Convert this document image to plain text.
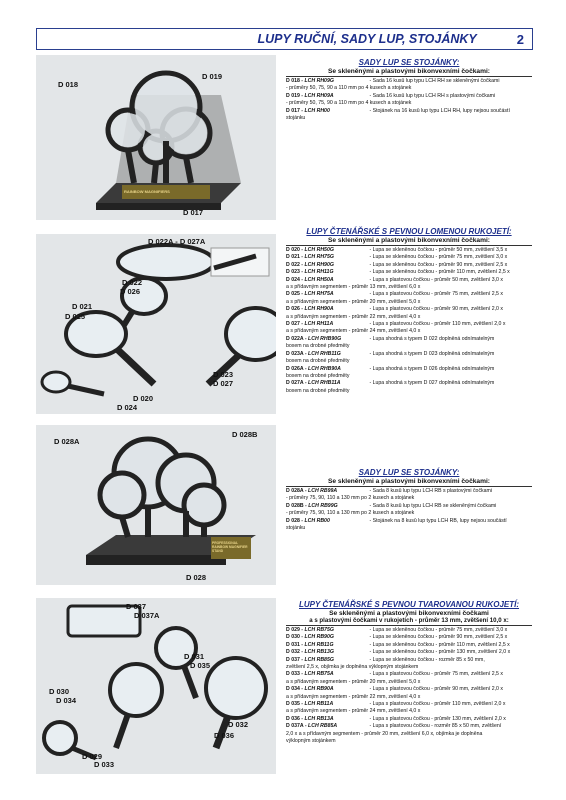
LUPY RUČNÍ, SADY LUP, STOJÁNKY	2
RAINBOW MAGNIFIERS
D 018
D 019
D 017
D 022A - D 027A
D 022
D 026
D 021
D 025
D 023
D 027
D 020
D 024
PROFESSIONAL
RAINBOW MAGNIFIER STAND
D 028A
D 028B
D 028
D 037
D 037A
D 031
D 035
D 030
D 034
D 032
D 036
D 029
D 033
SADY LUP SE STOJÁNKY:
Se skleněnými a plastovými bikonvexními čočkami:
D 018 - LCH RH09G	- Sada 16 kusů lup typu LCH RH se skleněnými čočkami
- průměry 50, 75, 90 a 110 mm po 4 kusech a stojánek
D 019 - LCH RH09A	- Sada 16 kusů lup typu LCH RH s plastovými čočkami
- průměry 50, 75, 90 a 110 mm po 4 kusech a stojánek
D 017 - LCH RH00	- Stojánek na 16 kusů lup typu LCH RH, lupy nejsou součástí
stojánku
LUPY ČTENÁŘSKÉ S PEVNOU LOMENOU RUKOJETÍ:
Se skleněnými a plastovými bikonvexními čočkami:
D 020 - LCH RH50G	- Lupa se skleněnou čočkou - průměr 50 mm, zvětšení 3,5 x
D 021 - LCH RH75G	- Lupa se skleněnou čočkou - průměr 75 mm, zvětšení 3,0 x
D 022 - LCH RH90G	- Lupa se skleněnou čočkou - průměr 90 mm, zvětšení 2,5 x
D 023 - LCH RH11G	- Lupa se skleněnou čočkou - průměr 110 mm, zvětšení 2,5 x
D 024 - LCH RH50A	- Lupa s plastovou čočkou - průměr 50 mm, zvětšení 3,0 x
a s přídavným segmentem - průměr 13 mm, zvětšení 6,0 x
D 025 - LCH RH75A	- Lupa s plastovou čočkou - průměr 75 mm, zvětšení 2,5 x
a s přídavným segmentem - průměr 20 mm, zvětšení 5,0 x
D 026 - LCH RH90A	- Lupa s plastovou čočkou - průměr 90 mm, zvětšení 2,0 x
a s přídavným segmentem - průměr 22 mm, zvětšení 4,0 x
D 027 - LCH RH11A	- Lupa s plastovou čočkou - průměr 110 mm, zvětšení 2,0 x
a s přídavným segmentem - průměr 24 mm, zvětšení 4,0 x
D 022A - LCH RHB90G	- Lupa shodná s typem D 022 doplněná odnímatelným
boxem na drobné předměty
D 023A - LCH RHB11G	- Lupa shodná s typem D 023 doplněná odnímatelným
boxem na drobné předměty
D 026A - LCH RHB90A	- Lupa shodná s typem D 026 doplněná odnímatelným
boxem na drobné předměty
D 027A - LCH RHB11A	- Lupa shodná s typem D 027 doplněná odnímatelným
boxem na drobné předměty
SADY LUP SE STOJÁNKY:
Se skleněnými a plastovými bikonvexními čočkami:
D 028A - LCH RB99A	- Sada 8 kusů lup typu LCH RB s plastovými čočkami
- průměry 75, 90, 110 a 130 mm po 2 kusech a stojánek
D 028B - LCH RB99G	- Sada 8 kusů lup typu LCH RB se skleněnými čočkami
- průměry 75, 90, 110 a 130 mm po 2 kusech a stojánek
D 028 - LCH RB00	- Stojánek na 8 kusů lup typu LCH RB, lupy nejsou součástí
stojánku
LUPY ČTENÁŘSKÉ S PEVNOU TVAROVANOU RUKOJETÍ:
Se skleněnými a plastovými bikonvexními čočkami
a s plastovými čočkami v rukojetích - průměr 13 mm, zvětšení 10,0 x:
D 029 - LCH RB75G	- Lupa se skleněnou čočkou - průměr 75 mm, zvětšení 3,0 x
D 030 - LCH RB90G	- Lupa se skleněnou čočkou - průměr 90 mm, zvětšení 2,5 x
D 031 - LCH RB11G	- Lupa se skleněnou čočkou - průměr 110 mm, zvětšení 2,5 x
D 032 - LCH RB13G	- Lupa se skleněnou čočkou - průměr 130 mm, zvětšení 2,0 x
D 037 - LCH RB85G	- Lupa se skleněnou čočkou - rozměr 85 x 50 mm,
zvětšení 2,5 x, objímka je doplněna výklopným stojánkem
D 033 - LCH RB75A	- Lupa s plastovou čočkou - průměr 75 mm, zvětšení 2,5 x
a s přídavným segmentem - průměr 20 mm, zvětšení 5,0 x
D 034 - LCH RB90A	- Lupa s plastovou čočkou - průměr 90 mm, zvětšení 2,0 x
a s přídavným segmentem - průměr 22 mm, zvětšení 4,0 x
D 035 - LCH RB11A	- Lupa s plastovou čočkou - průměr 110 mm, zvětšení 2,0 x
a s přídavným segmentem - průměr 24 mm, zvětšení 4,0 x
D 036 - LCH RB13A	- Lupa s plastovou čočkou - průměr 130 mm, zvětšení 2,0 x
D 037A - LCH RB85A	- Lupa s plastovou čočkou - rozměr 85 x 50 mm, zvětšení
2,0 x a s přídavným segmentem - průměr 20 mm, zvětšení 6,0 x, objímka je doplněna
výklopným stojánkem
